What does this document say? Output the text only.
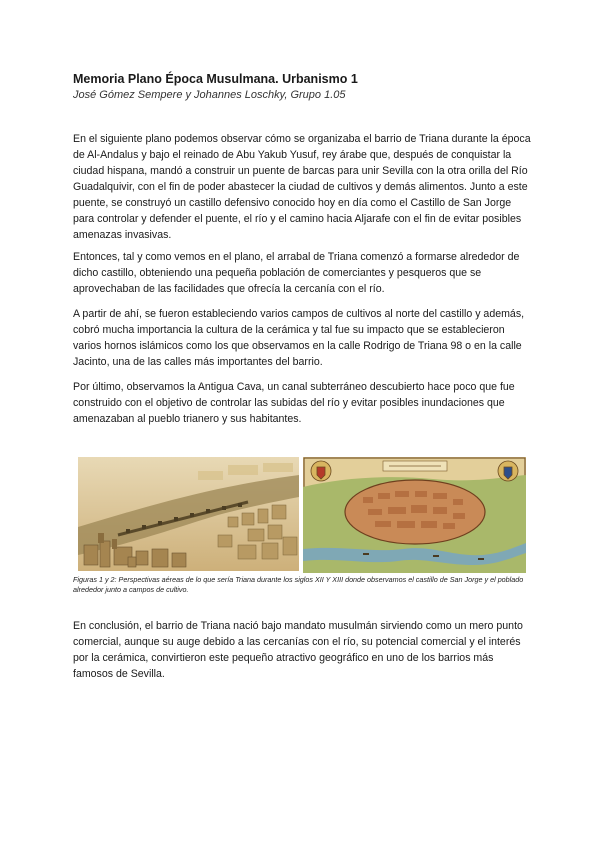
Memoria Plano Época Musulmana. Urbanismo 1

José Gómez Sempere y Johannes Loschky, Grupo 1.05

En el siguiente plano podemos observar cómo se organizaba el barrio de Triana durante la época de Al-Andalus y bajo el reinado de Abu Yakub Yusuf, rey árabe que, después de conquistar la ciudad hispana, mandó a construir un puente de barcas para unir Sevilla con la otra orilla del Río Guadalquivir, con el fin de poder abastecer la ciudad de cultivos y demás alimentos. Junto a este puente, se construyó un castillo defensivo conocido hoy en día como el Castillo de San Jorge para controlar y defender el puente, el río y el camino hacia Aljarafe con el fin de evitar posibles amenazas invasivas.

Entonces, tal y como vemos en el plano, el arrabal de Triana comenzó a formarse alrededor de dicho castillo, obteniendo una pequeña población de comerciantes y pesqueros que se aprovechaban de las facilidades que ofrecía la cercanía con el río.

A partir de ahí, se fueron estableciendo varios campos de cultivos al norte del castillo y además, cobró mucha importancia la cultura de la cerámica y tal fue su impacto que se establecieron varios hornos islámicos como los que observamos en la calle Rodrigo de Triana 98 o en la calle Jacinto, una de las calles más importantes del barrio.

Por último, observamos la Antigua Cava, un canal subterráneo descubierto hace poco que fue construido con el objetivo de controlar las subidas del río y evitar posibles inundaciones que amenazaban al pueblo trianero y sus habitantes.

Figuras 1 y 2: Perspectivas aéreas de lo que sería Triana durante los siglos XII Y XIII donde observamos el castillo de San Jorge y el poblado alrededor junto a campos de cultivo.

En conclusión, el barrio de Triana nació bajo mandato musulmán sirviendo como un mero punto comercial, aunque su auge debido a las cercanías con el río, su potencial comercial y el interés por la cerámica, convirtieron este pequeño atractivo geográfico en uno de los barrios más famosos de Sevilla.
